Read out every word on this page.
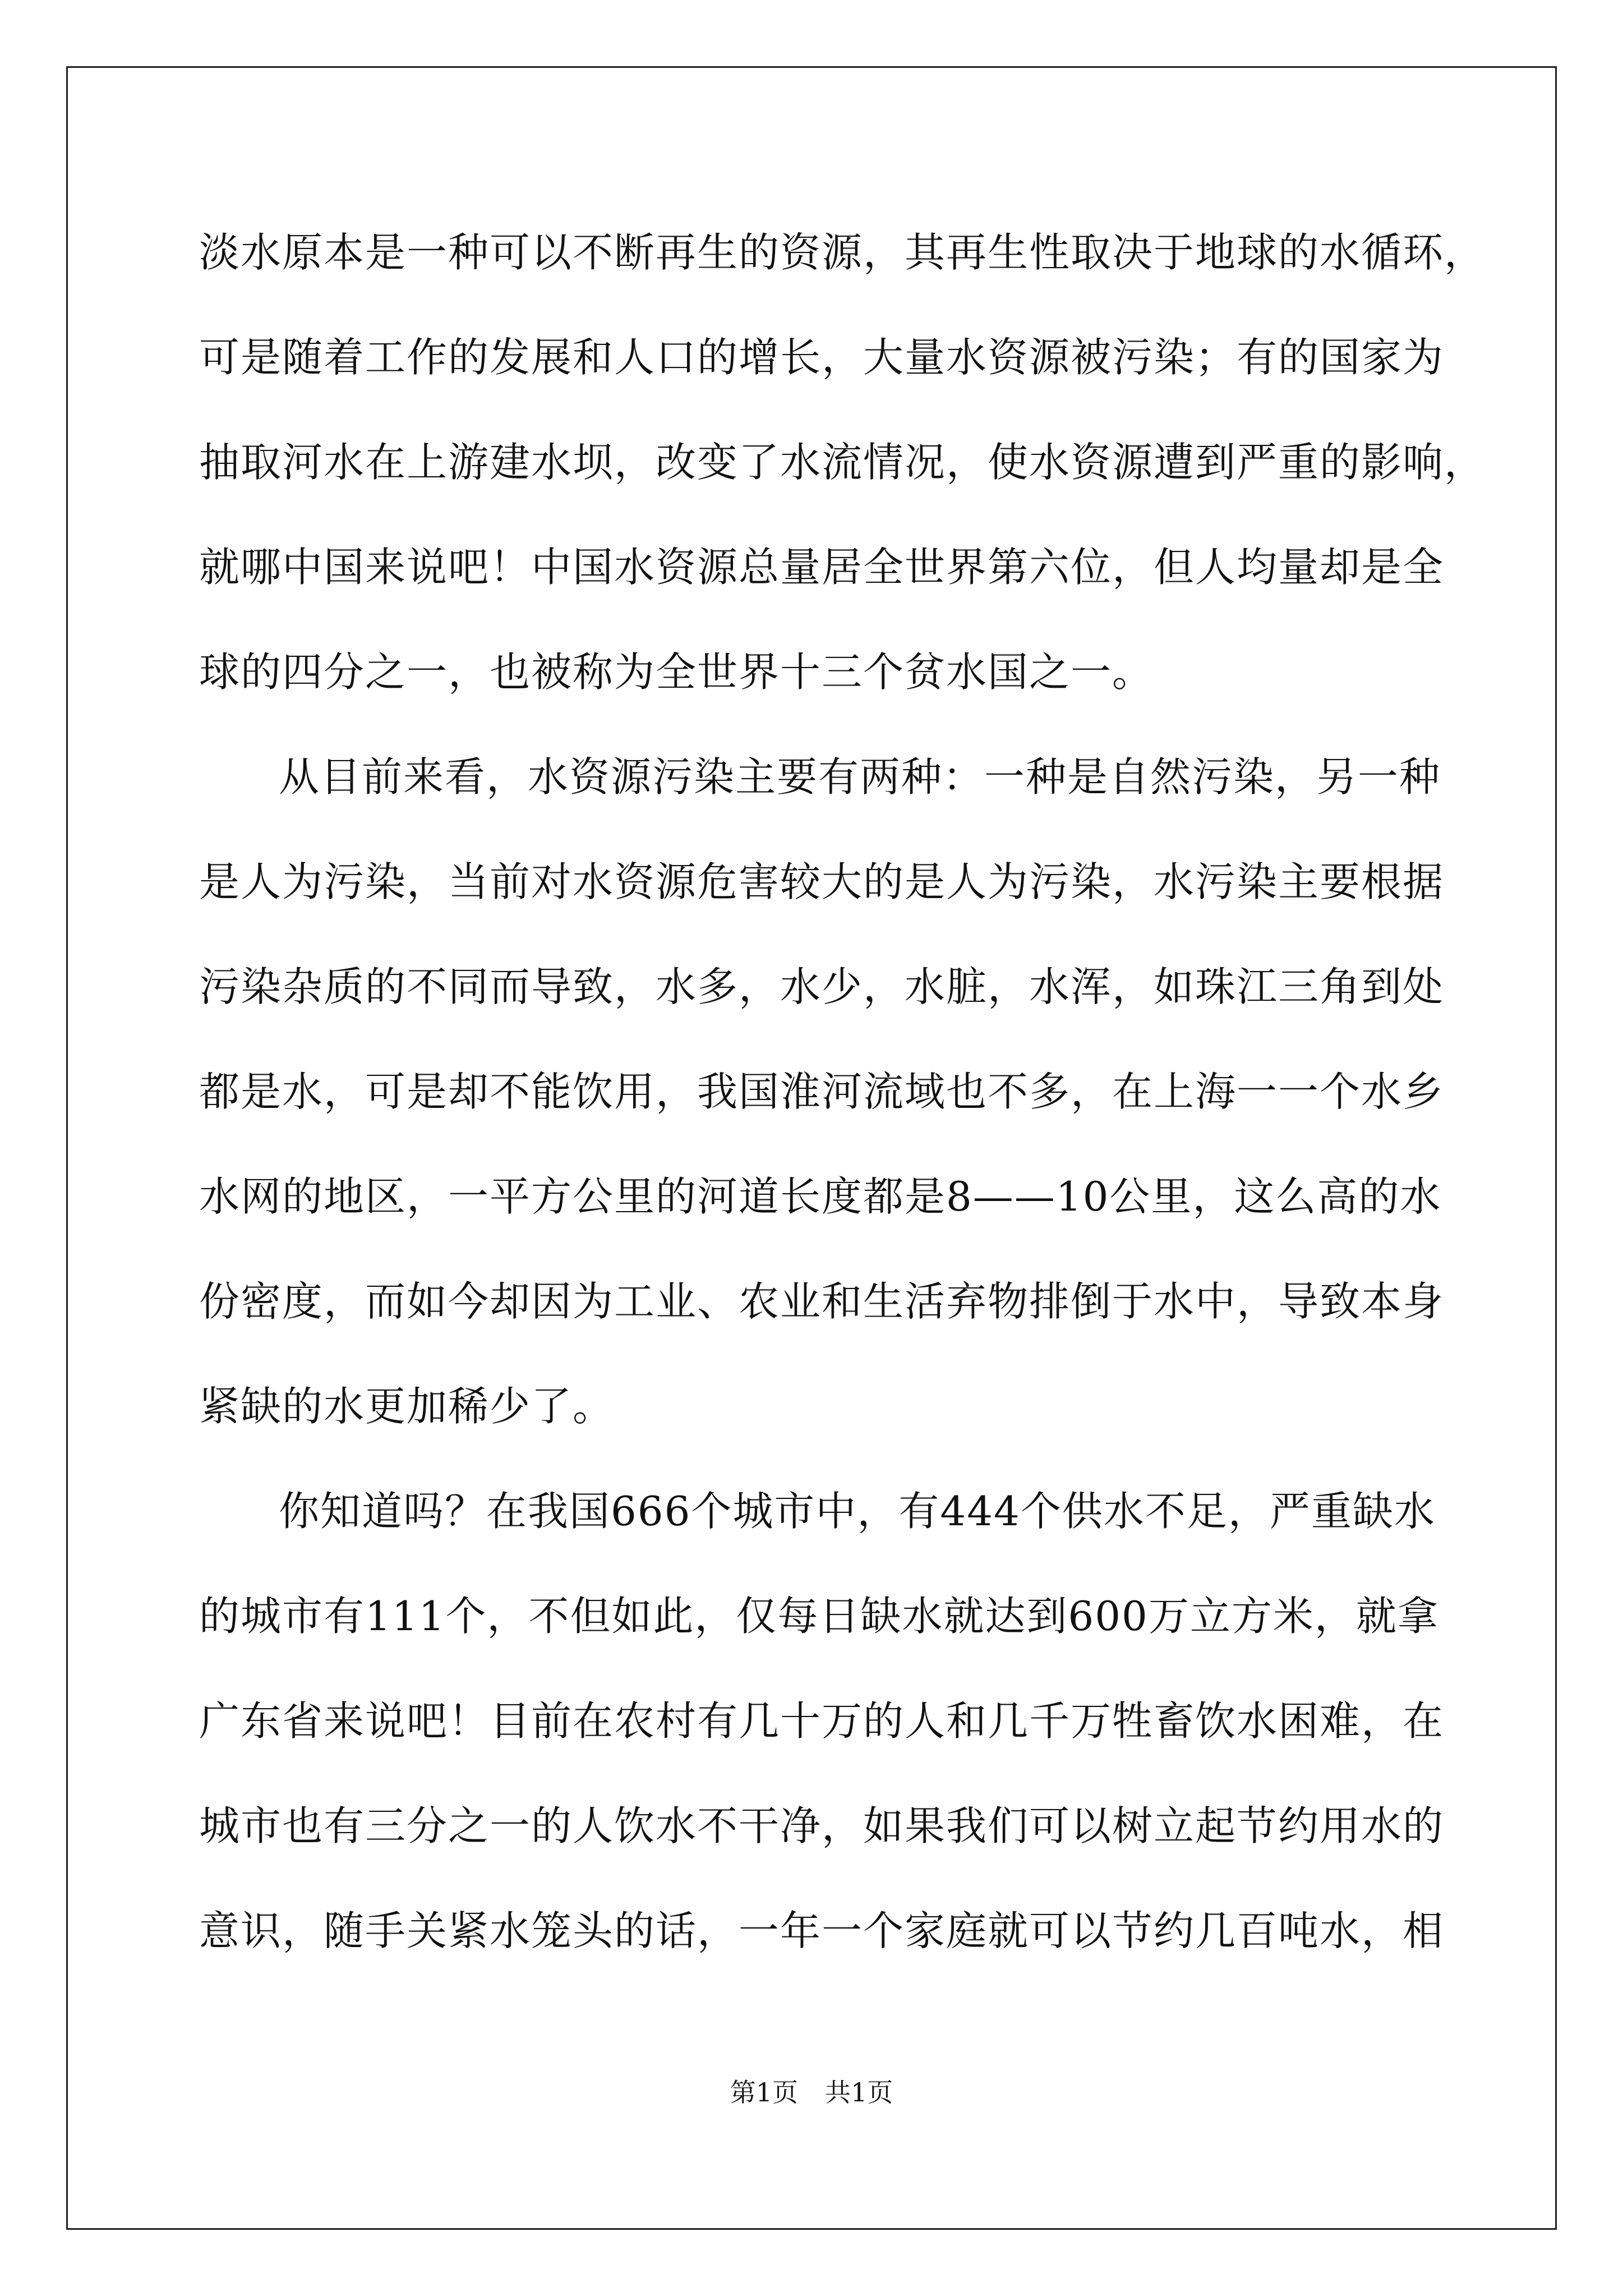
淡水原本是一种可以不断再生的资源，其再生性取决于地球的水循环，
可是随着工作的发展和人口的增长，大量水资源被污染；有的国家为
抽取河水在上游建水坝，改变了水流情况，使水资源遭到严重的影响，
就哪中国来说吧！中国水资源总量居全世界第六位，但人均量却是全
球的四分之一，也被称为全世界十三个贫水国之一。
从目前来看，水资源污染主要有两种：一种是自然污染，另一种
是人为污染，当前对水资源危害较大的是人为污染，水污染主要根据
污染杂质的不同而导致，水多，水少，水脏，水浑，如珠江三角到处
都是水，可是却不能饮用，我国淮河流域也不多，在上海一一个水乡
水网的地区，一平方公里的河道长度都是8——10公里，这么高的水
份密度，而如今却因为工业、农业和生活弃物排倒于水中，导致本身
紧缺的水更加稀少了。
你知道吗？在我国666个城市中，有444个供水不足，严重缺水
的城市有111个，不但如此，仅每日缺水就达到600万立方米，就拿
广东省来说吧！目前在农村有几十万的人和几千万牲畜饮水困难，在
城市也有三分之一的人饮水不干净，如果我们可以树立起节约用水的
意识，随手关紧水笼头的话，一年一个家庭就可以节约几百吨水，相
第1页 共1页
